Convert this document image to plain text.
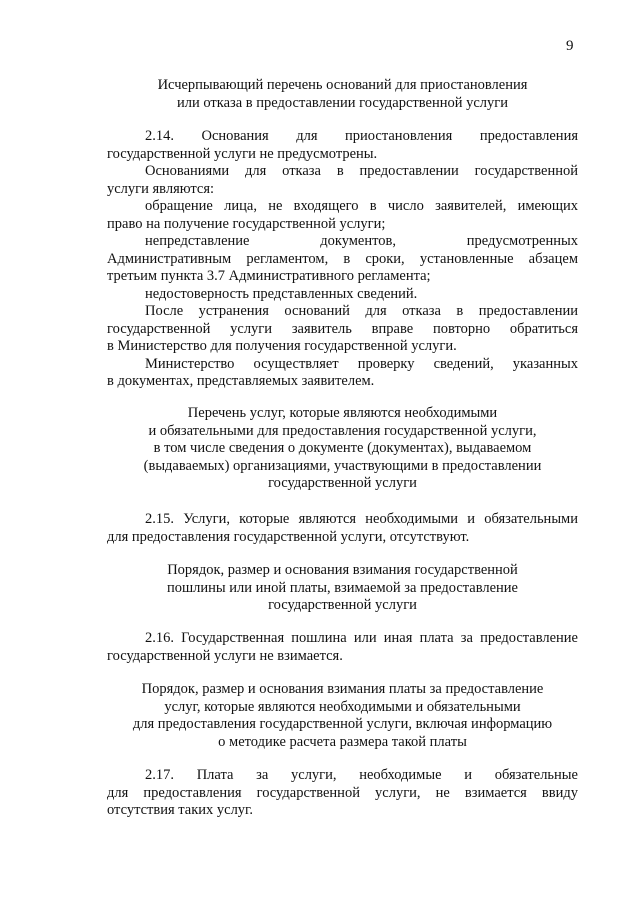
9
Исчерпывающий перечень оснований для приостановления
или отказа в предоставлении государственной услуги
2.14. Основания для приостановления предоставления
государственной услуги не предусмотрены.
Основаниями для отказа в предоставлении государственной
услуги являются:
обращение лица, не входящего в число заявителей, имеющих
право на получение государственной услуги;
непредставление документов, предусмотренных
Административным регламентом, в сроки, установленные абзацем
третьим пункта 3.7 Административного регламента;
недостоверность представленных сведений.
После устранения оснований для отказа в предоставлении
государственной услуги заявитель вправе повторно обратиться
в Министерство для получения государственной услуги.
Министерство осуществляет проверку сведений, указанных
в документах, представляемых заявителем.
Перечень услуг, которые являются необходимыми
и обязательными для предоставления государственной услуги,
в том числе сведения о документе (документах), выдаваемом
(выдаваемых) организациями, участвующими в предоставлении
государственной услуги
2.15. Услуги, которые являются необходимыми и обязательными
для предоставления государственной услуги, отсутствуют.
Порядок, размер и основания взимания государственной
пошлины или иной платы, взимаемой за предоставление
государственной услуги
2.16. Государственная пошлина или иная плата за предоставление
государственной услуги не взимается.
Порядок, размер и основания взимания платы за предоставление
услуг, которые являются необходимыми и обязательными
для предоставления государственной услуги, включая информацию
о методике расчета размера такой платы
2.17. Плата за услуги, необходимые и обязательные
для предоставления государственной услуги, не взимается ввиду
отсутствия таких услуг.
